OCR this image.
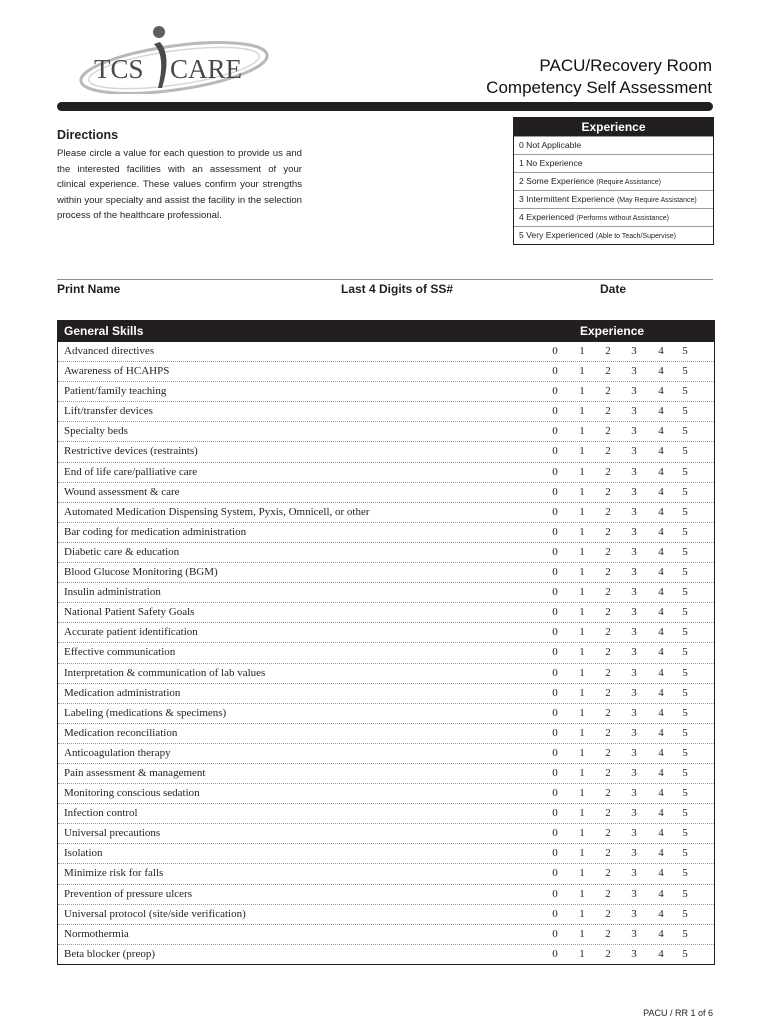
TCS CARE	PACU/Recovery Room
Competency Self Assessment
Directions
Please circle a value for each question to provide us and the interested facilities with an assessment of your clinical experience. These values confirm your strengths within your specialty and assist the facility in the selection process of the healthcare professional.
Experience
0 Not Applicable
1 No Experience
2 Some Experience (Require Assistance)
3 Intermittent Experience (May Require Assistance)
4 Experienced (Performs without Assistance)
5 Very Experienced (Able to Teach/Supervise)
Print Name	Last 4 Digits of SS#	Date
General Skills	Experience
Advanced directives	0	1	2	3	4	5
Awareness of HCAHPS	0	1	2	3	4	5
Patient/family teaching	0	1	2	3	4	5
Lift/transfer devices	0	1	2	3	4	5
Specialty beds	0	1	2	3	4	5
Restrictive devices (restraints)	0	1	2	3	4	5
End of life care/palliative care	0	1	2	3	4	5
Wound assessment & care	0	1	2	3	4	5
Automated Medication Dispensing System, Pyxis, Omnicell, or other	0	1	2	3	4	5
Bar coding for medication administration	0	1	2	3	4	5
Diabetic care & education	0	1	2	3	4	5
Blood Glucose Monitoring (BGM)	0	1	2	3	4	5
Insulin administration	0	1	2	3	4	5
National Patient Safety Goals	0	1	2	3	4	5
Accurate patient identification	0	1	2	3	4	5
Effective communication	0	1	2	3	4	5
Interpretation & communication of lab values	0	1	2	3	4	5
Medication administration	0	1	2	3	4	5
Labeling (medications & specimens)	0	1	2	3	4	5
Medication reconciliation	0	1	2	3	4	5
Anticoagulation therapy	0	1	2	3	4	5
Pain assessment & management	0	1	2	3	4	5
Monitoring conscious sedation	0	1	2	3	4	5
Infection control	0	1	2	3	4	5
Universal precautions	0	1	2	3	4	5
Isolation	0	1	2	3	4	5
Minimize risk for falls	0	1	2	3	4	5
Prevention of pressure ulcers	0	1	2	3	4	5
Universal protocol (site/side verification)	0	1	2	3	4	5
Normothermia	0	1	2	3	4	5
Beta blocker (preop)	0	1	2	3	4	5
PACU / RR 1 of 6
